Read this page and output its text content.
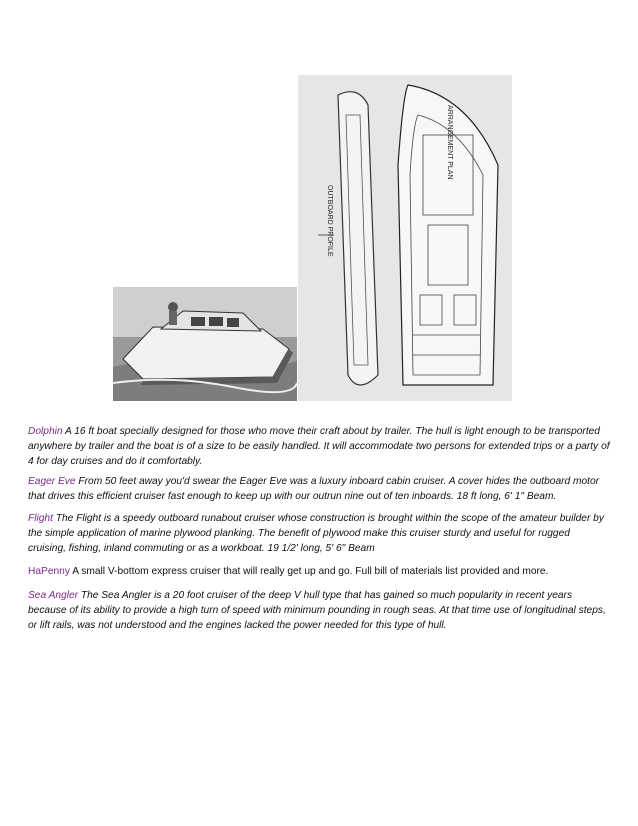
OUTBOARD PROFILE
ARRANGEMENT PLAN
Dolphin A 16 ft boat specially designed for those who move their craft about by trailer. The hull is light enough to be transported anywhere by trailer and the boat is of a size to be easily handled. It will accommodate two persons for extended trips or a party of 4 for day cruises and do it comfortably.
Eager Eve From 50 feet away you'd swear the Eager Eve was a luxury inboard cabin cruiser. A cover hides the outboard motor that drives this efficient cruiser fast enough to keep up with our outrun nine out of ten inboards. 18 ft long, 6' 1" Beam.
Flight The Flight is a speedy outboard runabout cruiser whose construction is brought within the scope of the amateur builder by the simple application of marine plywood planking. The benefit of plywood make this cruiser sturdy and useful for rugged cruising, fishing, inland commuting or as a workboat. 19 1/2' long, 5' 6" Beam
HaPenny A small V-bottom express cruiser that will really get up and go. Full bill of materials list provided and more.
Sea Angler The Sea Angler is a 20 foot cruiser of the deep V hull type that has gained so much popularity in recent years because of its ability to provide a high turn of speed with minimum pounding in rough seas. At that time use of longitudinal steps, or lift rails, was not understood and the engines lacked the power needed for this type of hull.
